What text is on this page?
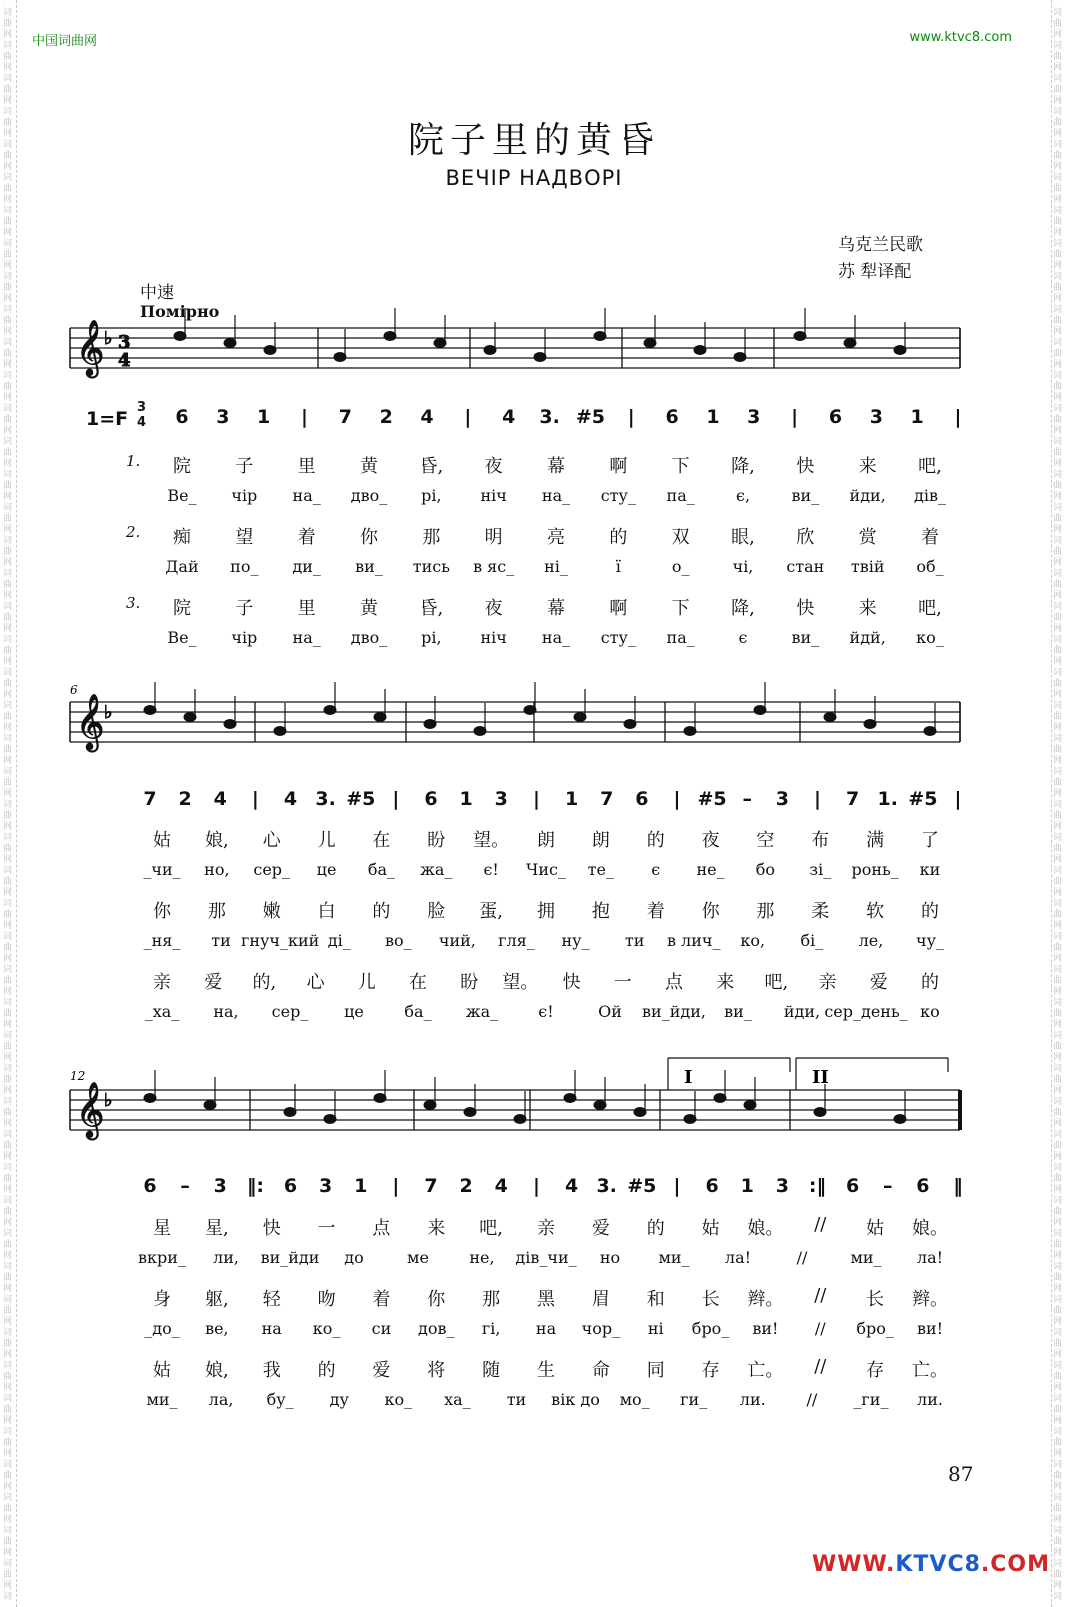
词
曲
网
词
曲
网
词
曲
网
词
曲
网
词
曲
网
词
曲
网
词
曲
网
词
曲
网
词
曲
网
词
曲
网
词
曲
网
词
曲
网
词
曲
网
词
曲
网
词
曲
网
词
曲
网
词
曲
网
词
曲
网
词
曲
网
词
曲
网
词
曲
网
词
曲
网
词
曲
网
词
曲
网
词
曲
网
词
曲
网
词
曲
网
词
曲
网
词
曲
网
词
曲
网
词
曲
网
词
曲
网
词
曲
网
词
曲
网
词
曲
网
词
曲
网
词
曲
网
词
曲
网
词
曲
网
词
曲
网
词
曲
网
词
曲
网
词
曲
网
词
曲
网
词
曲
网
词
曲
网
词
曲
网
词
曲
网
词
词
曲
网
词
曲
网
词
曲
网
词
曲
网
词
曲
网
词
曲
网
词
曲
网
词
曲
网
词
曲
网
词
曲
网
词
曲
网
词
曲
网
词
曲
网
词
曲
网
词
曲
网
词
曲
网
词
曲
网
词
曲
网
词
曲
网
词
曲
网
词
曲
网
词
曲
网
词
曲
网
词
曲
网
词
曲
网
词
曲
网
词
曲
网
词
曲
网
词
曲
网
词
曲
网
词
曲
网
词
曲
网
词
曲
网
词
曲
网
词
曲
网
词
曲
网
词
曲
网
词
曲
网
词
曲
网
词
曲
网
词
曲
网
词
曲
网
词
曲
网
词
曲
网
词
曲
网
词
曲
网
词
曲
网
词
曲
网
词
中国词曲网	www.ktvc8.com
院子里的黄昏
ВЕЧІР НАДВОРІ
乌克兰民歌
苏 犁译配
中速
Помірно
𝄞 ♭
𝄞 ♭
𝄞 ♭
3
4
12
6
I	II
1=F
3
4 6 3 1 | 7 2 4 | 4 3. #5 | 6 1 3 | 6 3 1 |
1. 院 子 里 黄 昏, 夜 幕 啊 下 降, 快 来 吧,
Ве_ чір на_ дво_ рі, ніч на_ сту_ па_	є,	ви_ йди, дів_
2. 痴 望 着 你 那 明 亮 的 双 眼, 欣 赏 着
Дай по_ ди_ ви_ тись в яс_ ні_	ї	о_	чі, стан твій об_
3. 院 子 里 黄 昏, 夜 幕 啊 下 降, 快 来 吧,
Ве_ чір на_ дво_ рі, ніч на_ сту_ па_	є	ви_ йдй, ко_
7 2 4 | 4 3. #5 | 6 1 3 | 1 7 6 | #5 – 3 | 7 1. #5 |
姑 娘, 心 儿 在 盼 望。 朗 朗 的 夜 空 布 满 了
_чи_ но, сер_ це ба_ жа_ є! Чис_ те_ є не_ бо зі_ ронь_ ки
你 那 嫩 白 的 脸 蛋, 拥 抱 着 你 那 柔 软 的
_ня_ ти гнуч_кий ді_ во_ чий, гля_ ну_ ти в лич_ ко, бі_ ле, чу_
亲 爱 的, 心 儿 在 盼 望。 快 一 点 来 吧, 亲 爱 的
_ха_ на, сер_ це	ба_ жа_	є!	Ой ви_йди, ви_ йди, сер_день_ ко
6 – 3 ‖: 6 3 1 | 7 2 4 | 4 3. #5 | 6 1 3 :‖ 6 – 6 ‖
星 星, 快 一 点 来 吧, 亲 爱 的 姑 娘。 // 姑 娘。
вкри_ ли, ви_йди до	ме	не, дів_чи_ но ми_ ла!	//	ми_ ла!
身 躯, 轻 吻 着 你 那 黑 眉 和 长 辫。 // 长 辫。
_до_ ве, на ко_ си дов_ гі, на чор_ ні бро_ ви! // бро_ ви!
姑 娘, 我 的 爱 将 随 生 命 同 存 亡。 // 存 亡。
ми_ ла, бу_ ду ко_ ха_ ти вік до мо_ ги_ ли.	// _ги_ ли.
87
WWW.KTVC8.COM
